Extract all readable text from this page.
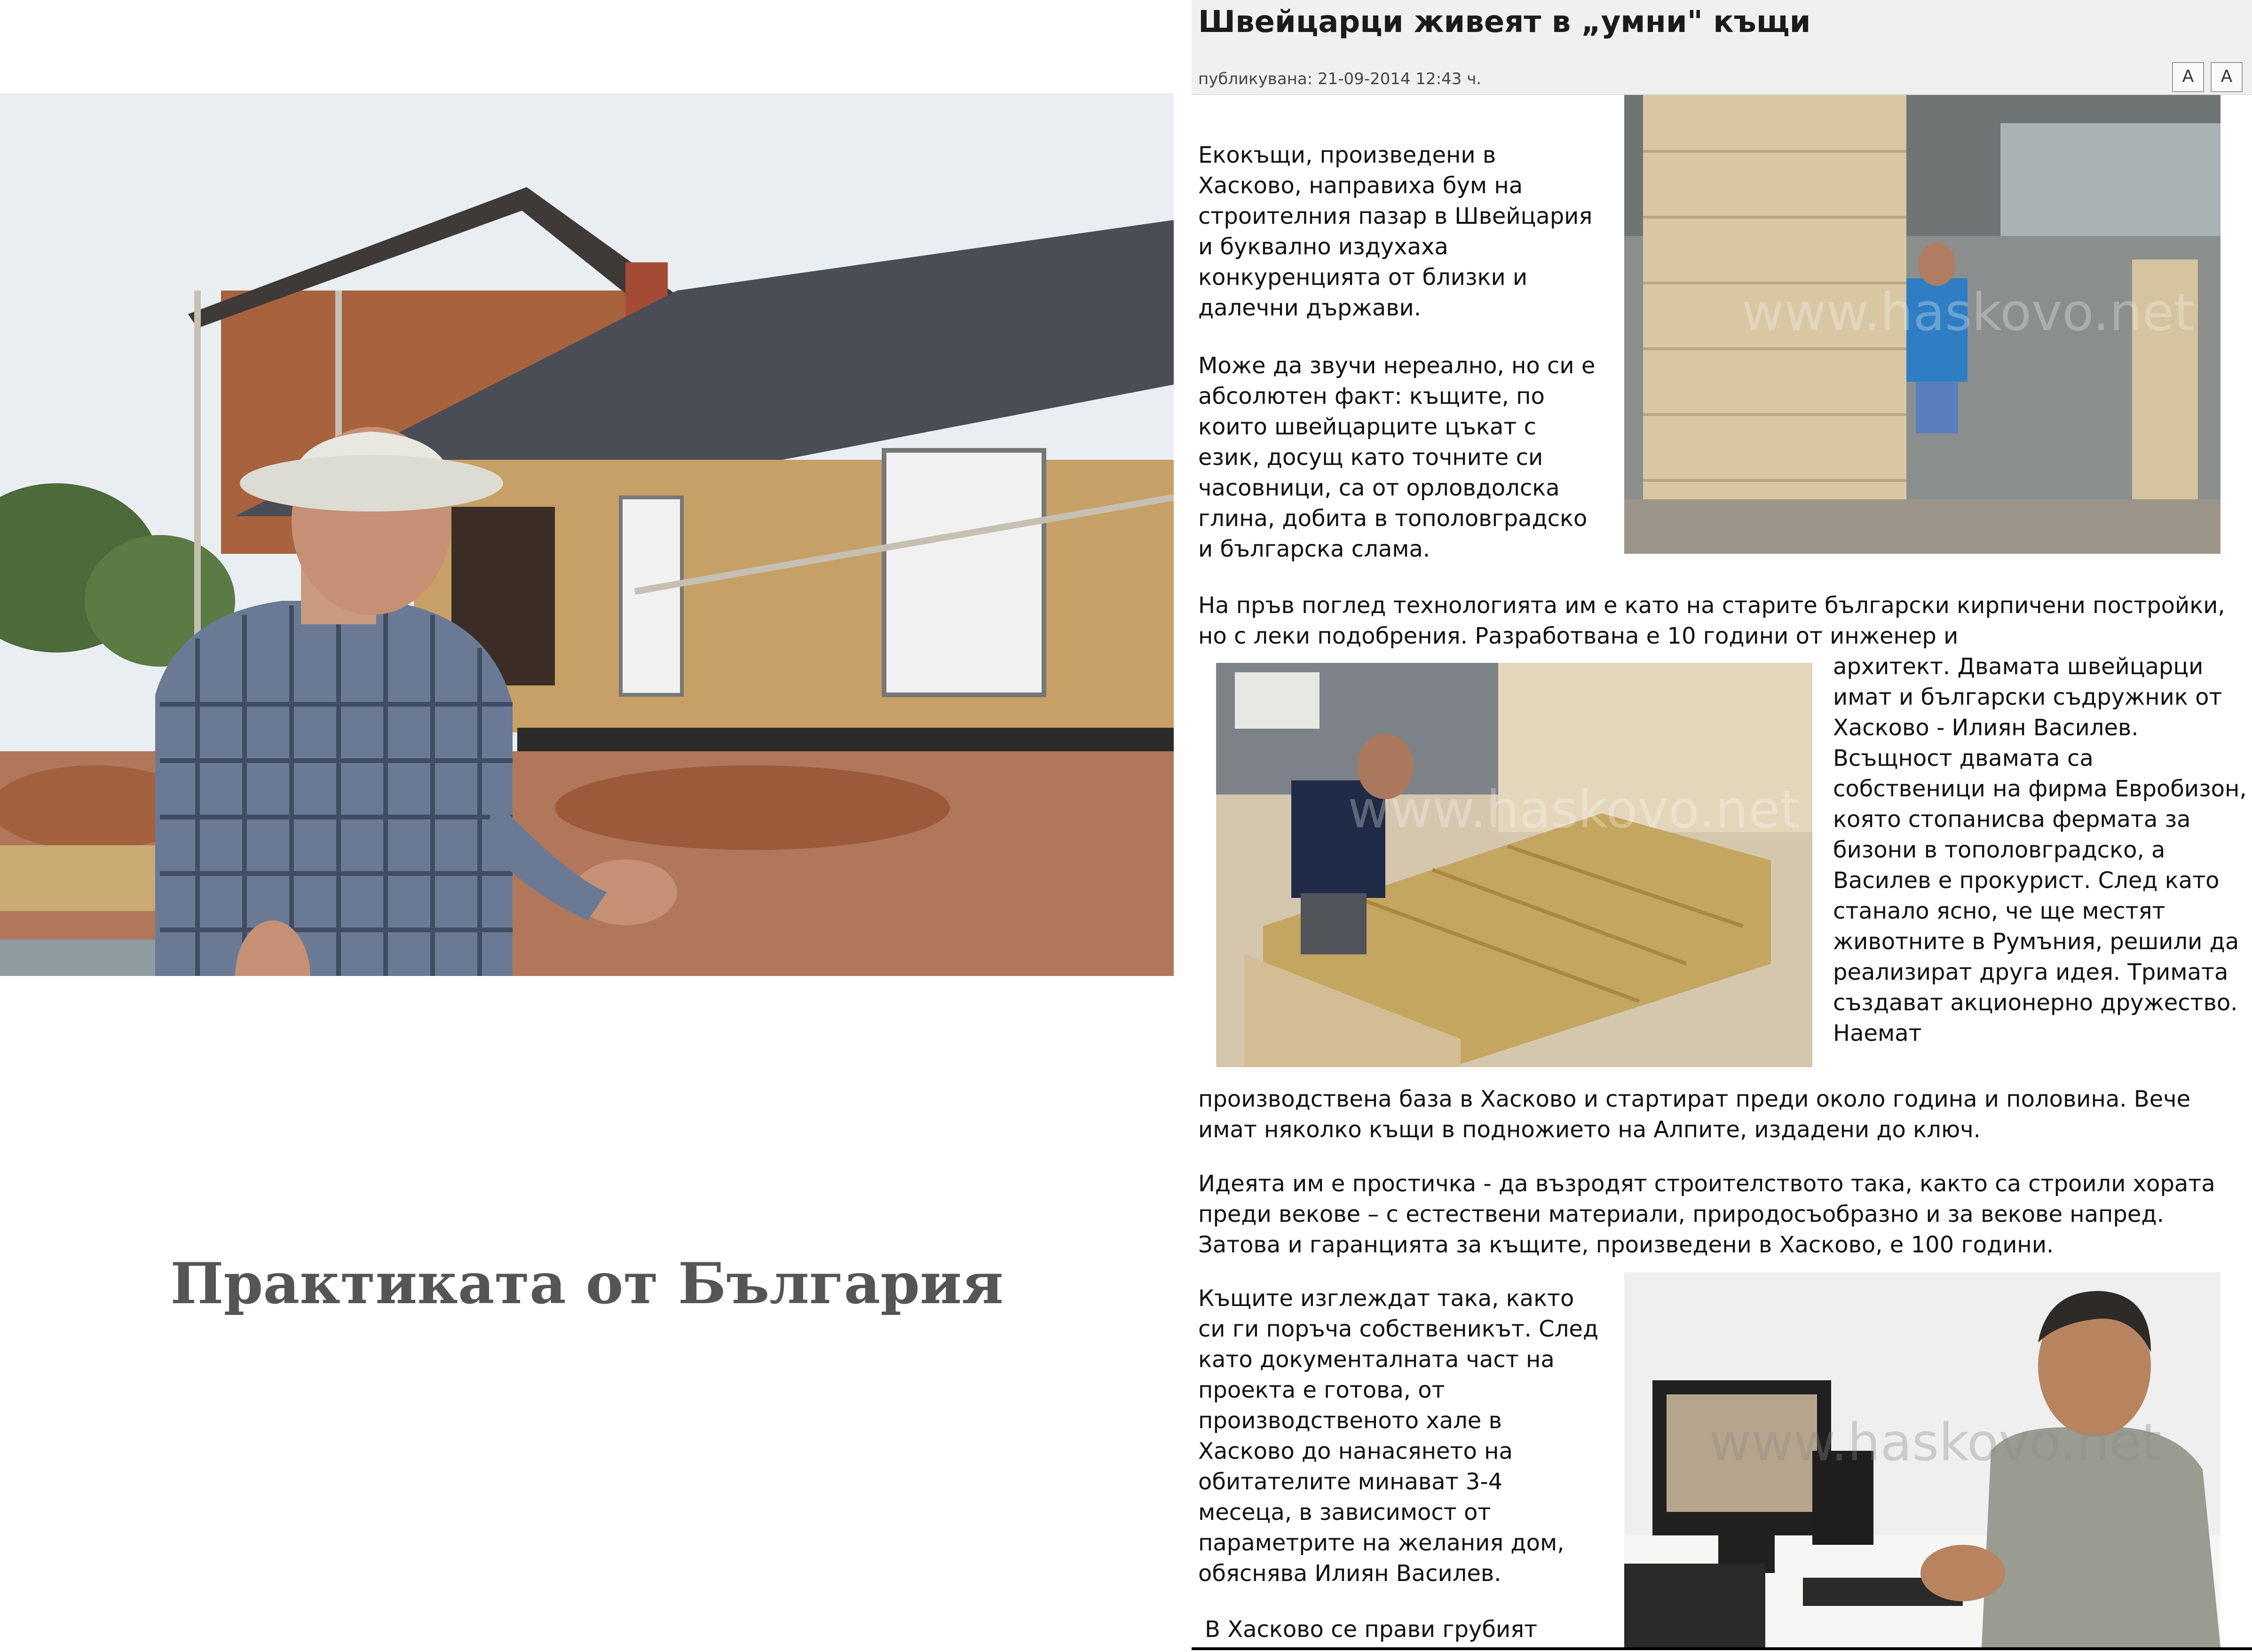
Практиката от България
Швейцарци живеят в „умни" къщи
публикувана: 21-09-2014 12:43 ч.	A	A

Екокъщи, произведени в Хасково, направиха бум на строителния пазар в Швейцария и буквално издухаха конкуренцията от близки и далечни държави.

Може да звучи нереално, но си е абсолютен факт: къщите, по които швейцарците цъкат с език, досущ като точните си часовници, са от орловдолска глина, добита в тополовградско и българска слама.

www.haskovo.net

На пръв поглед технологията им е като на старите български кирпичени постройки, но с леки подобрения. Разработвана е 10 години от инженер и

www.haskovo.net

архитект. Двамата швейцарци имат и български съдружник от Хасково - Илиян Василев. Всъщност двамата са собственици на фирма Евробизон, която стопанисва фермата за бизони в тополовградско, а Василев е прокурист. След като станало ясно, че ще местят животните в Румъния, решили да реализират друга идея. Тримата създават акционерно дружество. Наемат

производствена база в Хасково и стартират преди около година и половина. Вече имат няколко къщи в подножието на Алпите, издадени до ключ.

Идеята им е простичка - да възродят строителството така, както са строили хората преди векове – с естествени материали, природосъобразно и за векове напред. Затова и гаранцията за къщите, произведени в Хасково, е 100 години.

Къщите изглеждат така, както си ги поръча собственикът. След като документалната част на проекта е готова, от производственото хале в Хасково до нанасянето на обитателите минават 3-4 месеца, в зависимост от параметрите на желания дом, обяснява Илиян Василев.

В Хасково се прави грубият

www.haskovo.net
